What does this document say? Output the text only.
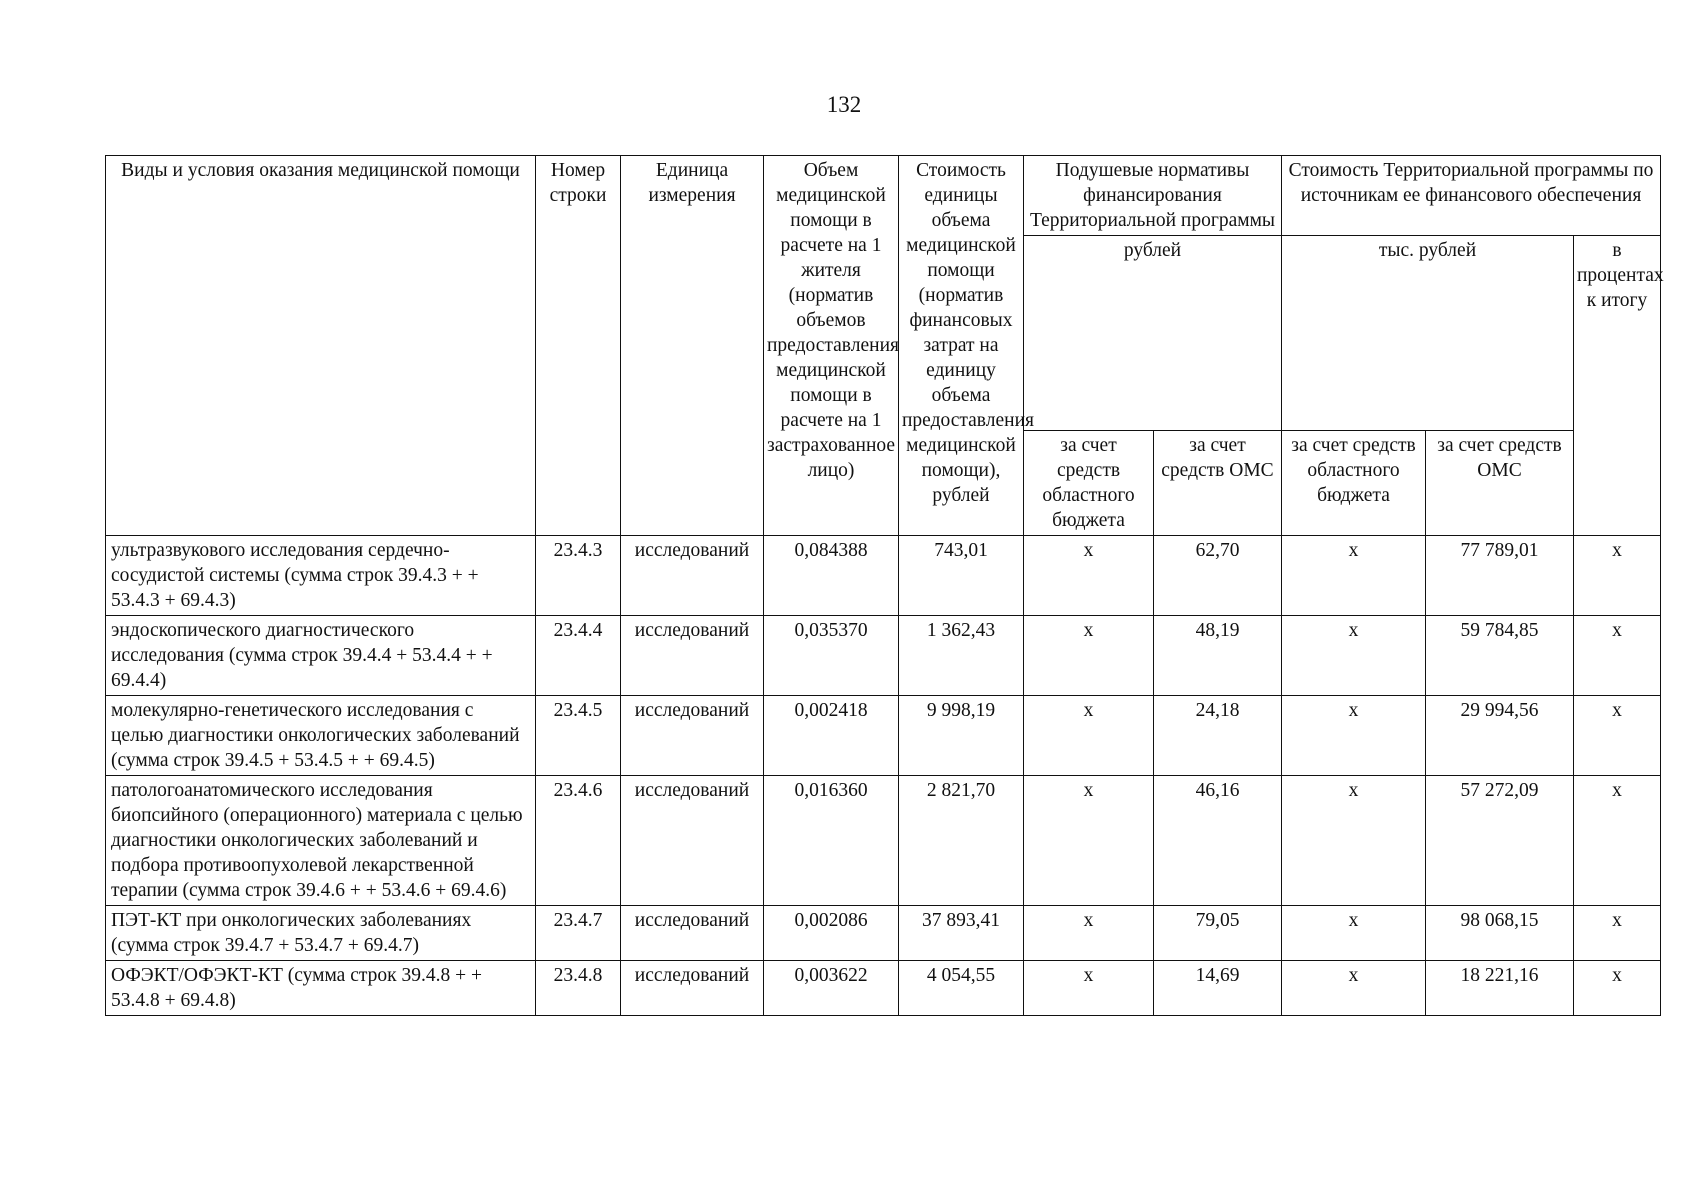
132
Виды и условия оказания медицинской помощи	Номер строки	Единица измерения	Объем медицинской помощи в расчете на 1 жителя (норматив объемов предоставления медицинской помощи в расчете на 1 застрахованное лицо)	Стоимость единицы объема медицинской помощи (норматив финансовых затрат на единицу объема предоставления медицинской помощи), рублей	Подушевые нормативы финансирования Территориальной программы		Стоимость Территориальной программы по источникам ее финансового обеспечения		
					рублей		тыс. рублей		в процентах к итогу
					за счет средств областного бюджета	за счет средств ОМС	за счет средств областного бюджета	за счет средств ОМС	
ультразвукового исследования сердечно-сосудистой системы (сумма строк 39.4.3 + + 53.4.3 + 69.4.3)	23.4.3	исследований	0,084388	743,01	х	62,70	х	77 789,01	х
эндоскопического диагностического исследования (сумма строк 39.4.4 + 53.4.4 + + 69.4.4)	23.4.4	исследований	0,035370	1 362,43	х	48,19	х	59 784,85	х
молекулярно-генетического исследования с целью диагностики онкологических заболеваний (сумма строк 39.4.5 + 53.4.5 + + 69.4.5)	23.4.5	исследований	0,002418	9 998,19	х	24,18	х	29 994,56	х
патологоанатомического исследования биопсийного (операционного) материала с целью диагностики онкологических заболеваний и подбора противоопухолевой лекарственной терапии (сумма строк 39.4.6 + + 53.4.6 + 69.4.6)	23.4.6	исследований	0,016360	2 821,70	х	46,16	х	57 272,09	х
ПЭТ-КТ при онкологических заболеваниях (сумма строк 39.4.7 + 53.4.7 + 69.4.7)	23.4.7	исследований	0,002086	37 893,41	х	79,05	х	98 068,15	х
ОФЭКТ/ОФЭКТ-КТ (сумма строк 39.4.8 + + 53.4.8 + 69.4.8)	23.4.8	исследований	0,003622	4 054,55	х	14,69	х	18 221,16	х
